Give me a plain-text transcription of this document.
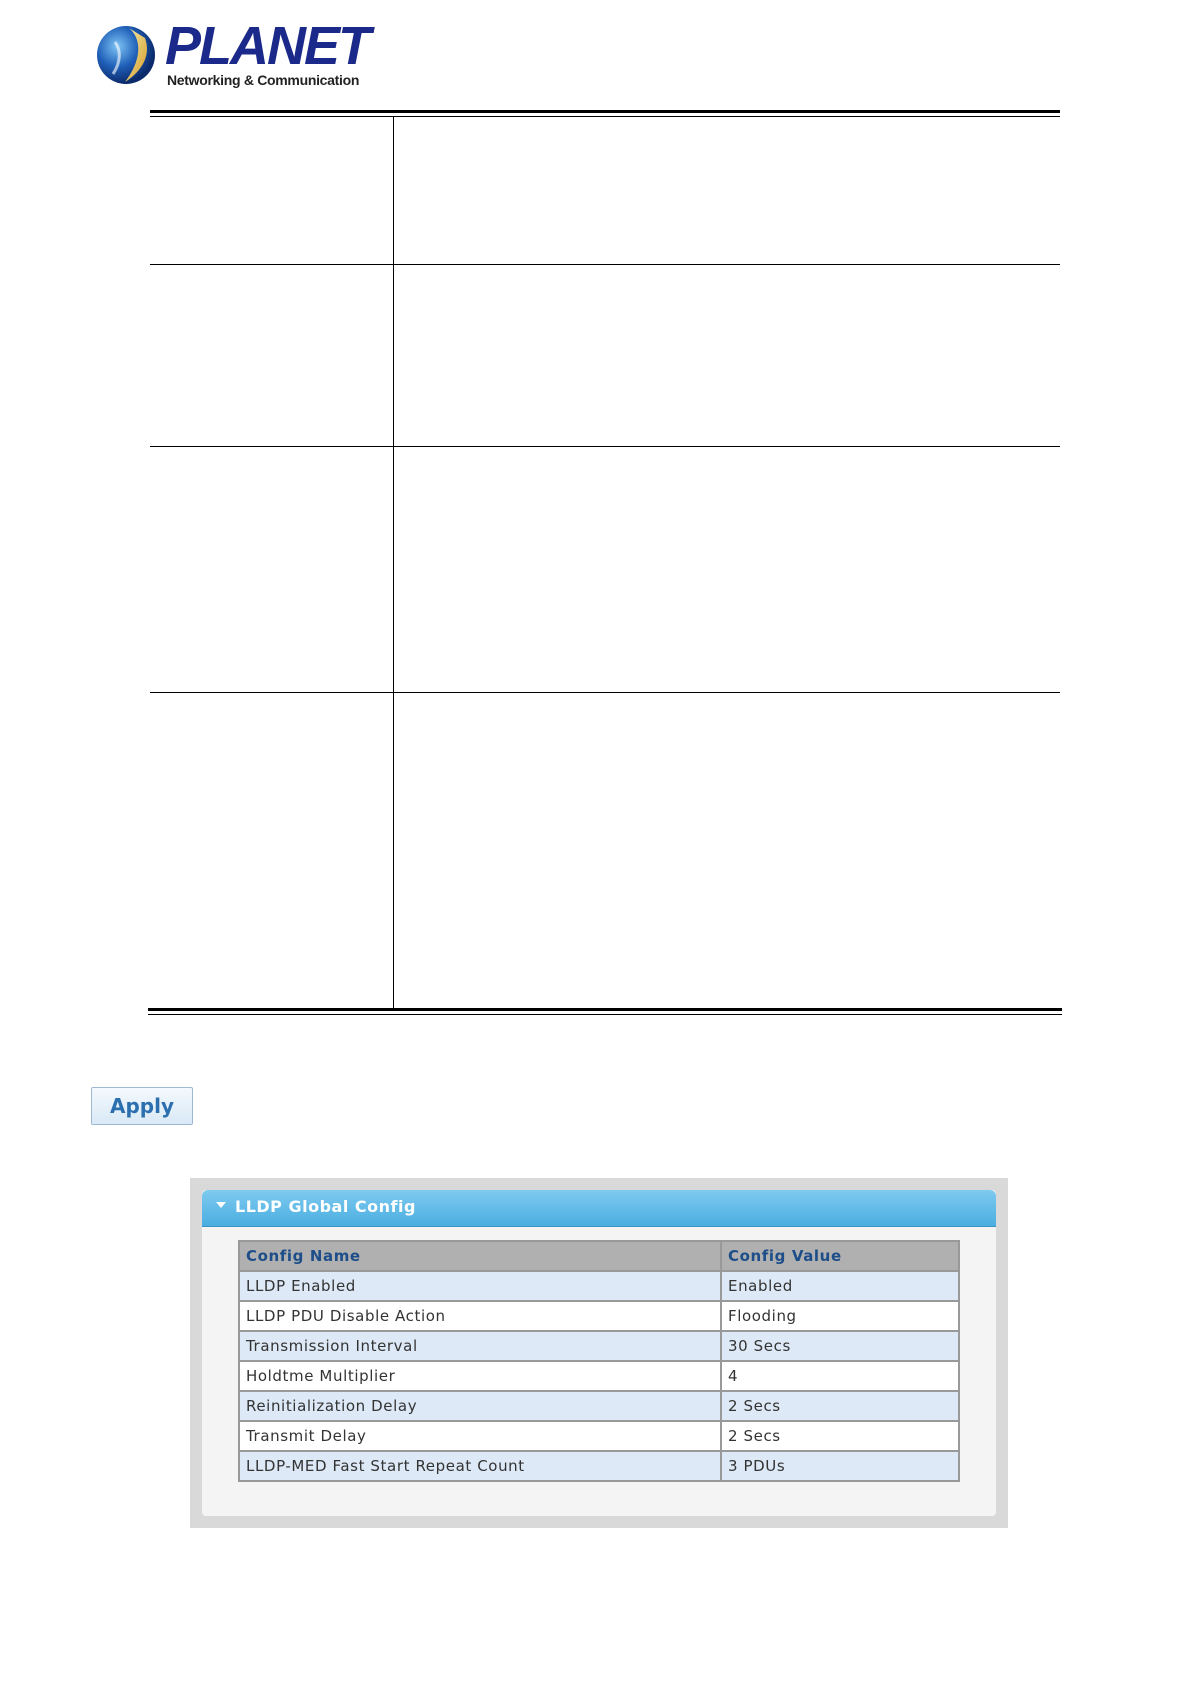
PLANET
Networking & Communication
Apply
LLDP Global Config
Config Name	Config Value
LLDP Enabled	Enabled
LLDP PDU Disable Action	Flooding
Transmission Interval	30 Secs
Holdtme Multiplier	4
Reinitialization Delay	2 Secs
Transmit Delay	2 Secs
LLDP-MED Fast Start Repeat Count	3 PDUs
